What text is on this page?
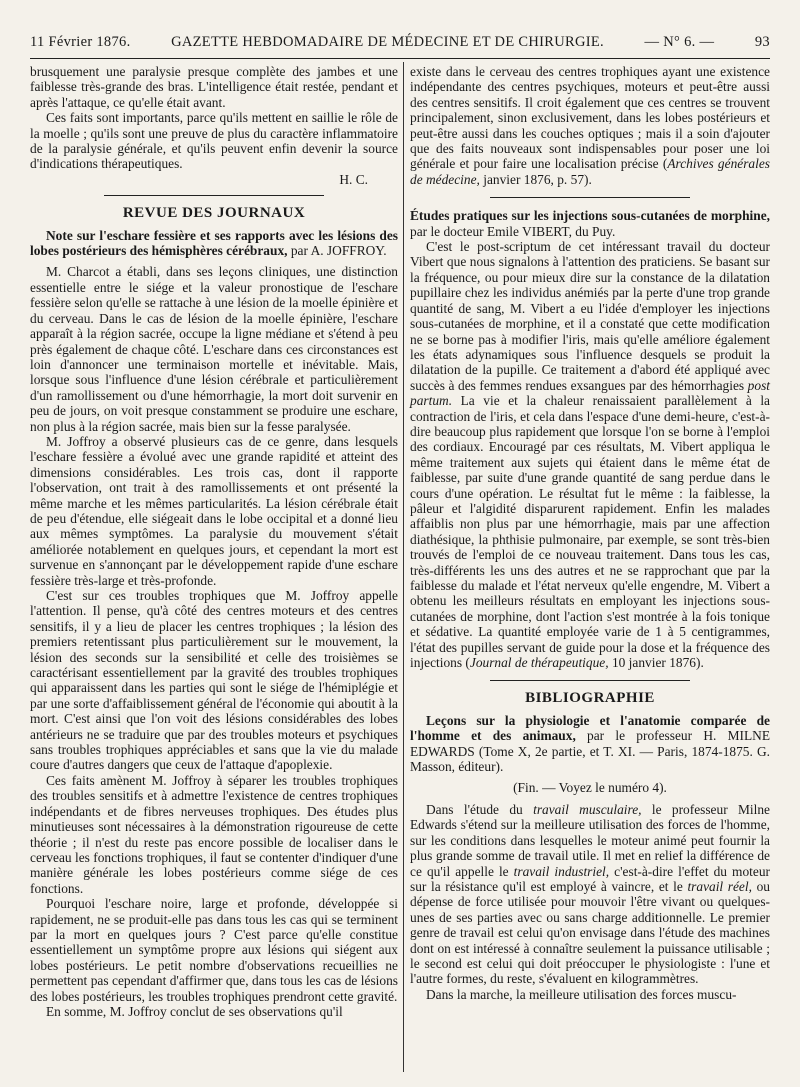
11 Février 1876.	GAZETTE HEBDOMADAIRE DE MÉDECINE ET DE CHIRURGIE.	— N° 6. —	93

brusquement une paralysie presque complète des jambes et une faiblesse très-grande des bras. L'intelligence était restée, pendant et après l'attaque, ce qu'elle était avant.

Ces faits sont importants, parce qu'ils mettent en saillie le rôle de la moelle ; qu'ils sont une preuve de plus du caractère inflammatoire de la paralysie générale, et qu'ils peuvent enfin devenir la source d'indications thérapeutiques.

H. C.

REVUE DES JOURNAUX

Note sur l'eschare fessière et ses rapports avec les lésions des lobes postérieurs des hémisphères cérébraux, par A. JOFFROY.

M. Charcot a établi, dans ses leçons cliniques, une distinction essentielle entre le siége et la valeur pronostique de l'eschare fessière selon qu'elle se rattache à une lésion de la moelle épinière et du cerveau. Dans le cas de lésion de la moelle épinière, l'eschare apparaît à la région sacrée, occupe la ligne médiane et s'étend à peu près également de chaque côté. L'eschare dans ces circonstances est loin d'annoncer une terminaison mortelle et inévitable. Mais, lorsque sous l'influence d'une lésion cérébrale et particulièrement d'un ramollissement ou d'une hémorrhagie, la mort doit survenir en peu de jours, on voit presque constamment se produire une eschare, non plus à la région sacrée, mais bien sur la fesse paralysée.

M. Joffroy a observé plusieurs cas de ce genre, dans lesquels l'eschare fessière a évolué avec une grande rapidité et atteint des dimensions considérables. Les trois cas, dont il rapporte l'observation, ont trait à des ramollissements et ont présenté la même marche et les mêmes particularités. La lésion cérébrale était de peu d'étendue, elle siégeait dans le lobe occipital et a donné lieu aux mêmes symptômes. La paralysie du mouvement s'était améliorée notablement en quelques jours, et cependant la mort est survenue en s'annonçant par le développement rapide d'une eschare fessière très-large et très-profonde.

C'est sur ces troubles trophiques que M. Joffroy appelle l'attention. Il pense, qu'à côté des centres moteurs et des centres sensitifs, il y a lieu de placer les centres trophiques ; la lésion des premiers retentissant plus particulièrement sur le mouvement, la lésion des seconds sur la sensibilité et celle des troisièmes se caractérisant essentiellement par la gravité des troubles trophiques qui apparaissent dans les parties qui sont le siége de l'hémiplégie et par une sorte d'affaiblissement général de l'économie qui aboutit à la mort. C'est ainsi que l'on voit des lésions considérables des lobes antérieurs ne se traduire que par des troubles moteurs et psychiques sans troubles trophiques appréciables et sans que la vie du malade coure d'autres dangers que ceux de l'attaque d'apoplexie.

Ces faits amènent M. Joffroy à séparer les troubles trophiques des troubles sensitifs et à admettre l'existence de centres trophiques indépendants et de fibres nerveuses trophiques. Des études plus minutieuses sont nécessaires à la démonstration rigoureuse de cette théorie ; il n'est du reste pas encore possible de localiser dans le cerveau les fonctions trophiques, il faut se contenter d'indiquer d'une manière générale les lobes postérieurs comme siége de ces fonctions.

Pourquoi l'eschare noire, large et profonde, développée si rapidement, ne se produit-elle pas dans tous les cas qui se terminent par la mort en quelques jours ? C'est parce qu'elle constitue essentiellement un symptôme propre aux lésions qui siégent aux lobes postérieurs. Le petit nombre d'observations recueillies ne permettent pas cependant d'affirmer que, dans tous les cas de lésions des lobes postérieurs, les troubles trophiques prendront cette gravité.

En somme, M. Joffroy conclut de ses observations qu'il

existe dans le cerveau des centres trophiques ayant une existence indépendante des centres psychiques, moteurs et peut-être aussi des centres sensitifs. Il croit également que ces centres se trouvent principalement, sinon exclusivement, dans les lobes postérieurs et peut-être aussi dans les couches optiques ; mais il a soin d'ajouter que des faits nouveaux sont indispensables pour poser une loi générale et pour faire une localisation précise (Archives générales de médecine, janvier 1876, p. 57).

Études pratiques sur les injections sous-cutanées de morphine, par le docteur Emile VIBERT, du Puy.

C'est le post-scriptum de cet intéressant travail du docteur Vibert que nous signalons à l'attention des praticiens. Se basant sur la fréquence, ou pour mieux dire sur la constance de la dilatation pupillaire chez les individus anémiés par la perte d'une trop grande quantité de sang, M. Vibert a eu l'idée d'employer les injections sous-cutanées de morphine, et il a constaté que cette modification ne se borne pas à modifier l'iris, mais qu'elle améliore également les états adynamiques sous l'influence desquels se produit la dilatation de la pupille. Ce traitement a d'abord été appliqué avec succès à des femmes rendues exsangues par des hémorrhagies post partum. La vie et la chaleur renaissaient parallèlement à la contraction de l'iris, et cela dans l'espace d'une demi-heure, c'est-à-dire beaucoup plus rapidement que lorsque l'on se borne à l'emploi des cordiaux. Encouragé par ces résultats, M. Vibert appliqua le même traitement aux sujets qui étaient dans le même état de faiblesse, par suite d'une grande quantité de sang perdue dans le cours d'une opération. Le résultat fut le même : la faiblesse, la pâleur et l'algidité disparurent rapidement. Enfin les malades affaiblis non plus par une hémorrhagie, mais par une affection diathésique, la phthisie pulmonaire, par exemple, se sont très-bien trouvés de l'emploi de ce nouveau traitement. Dans tous les cas, très-différents les uns des autres et ne se rapprochant que par la faiblesse du malade et l'état nerveux qu'elle engendre, M. Vibert a obtenu les meilleurs résultats en employant les injections sous-cutanées de morphine, dont l'action s'est montrée à la fois tonique et sédative. La quantité employée varie de 1 à 5 centigrammes, l'état des pupilles servant de guide pour la dose et la fréquence des injections (Journal de thérapeutique, 10 janvier 1876).

BIBLIOGRAPHIE

Leçons sur la physiologie et l'anatomie comparée de l'homme et des animaux, par le professeur H. MILNE EDWARDS (Tome X, 2e partie, et T. XI. — Paris, 1874-1875. G. Masson, éditeur).

(Fin. — Voyez le numéro 4).

Dans l'étude du travail musculaire, le professeur Milne Edwards s'étend sur la meilleure utilisation des forces de l'homme, sur les conditions dans lesquelles le moteur animé peut fournir la plus grande somme de travail utile. Il met en relief la différence de ce qu'il appelle le travail industriel, c'est-à-dire l'effet du moteur sur la résistance qu'il est employé à vaincre, et le travail réel, ou dépense de force utilisée pour mouvoir l'être vivant ou quelques-unes de ses parties avec ou sans charge additionnelle. Le premier genre de travail est celui qu'on envisage dans l'étude des machines dont on est intéressé à connaître seulement la puissance utilisable ; le second est celui qui doit préoccuper le physiologiste : l'une et l'autre formes, du reste, s'évaluent en kilogrammètres.

Dans la marche, la meilleure utilisation des forces muscu-
